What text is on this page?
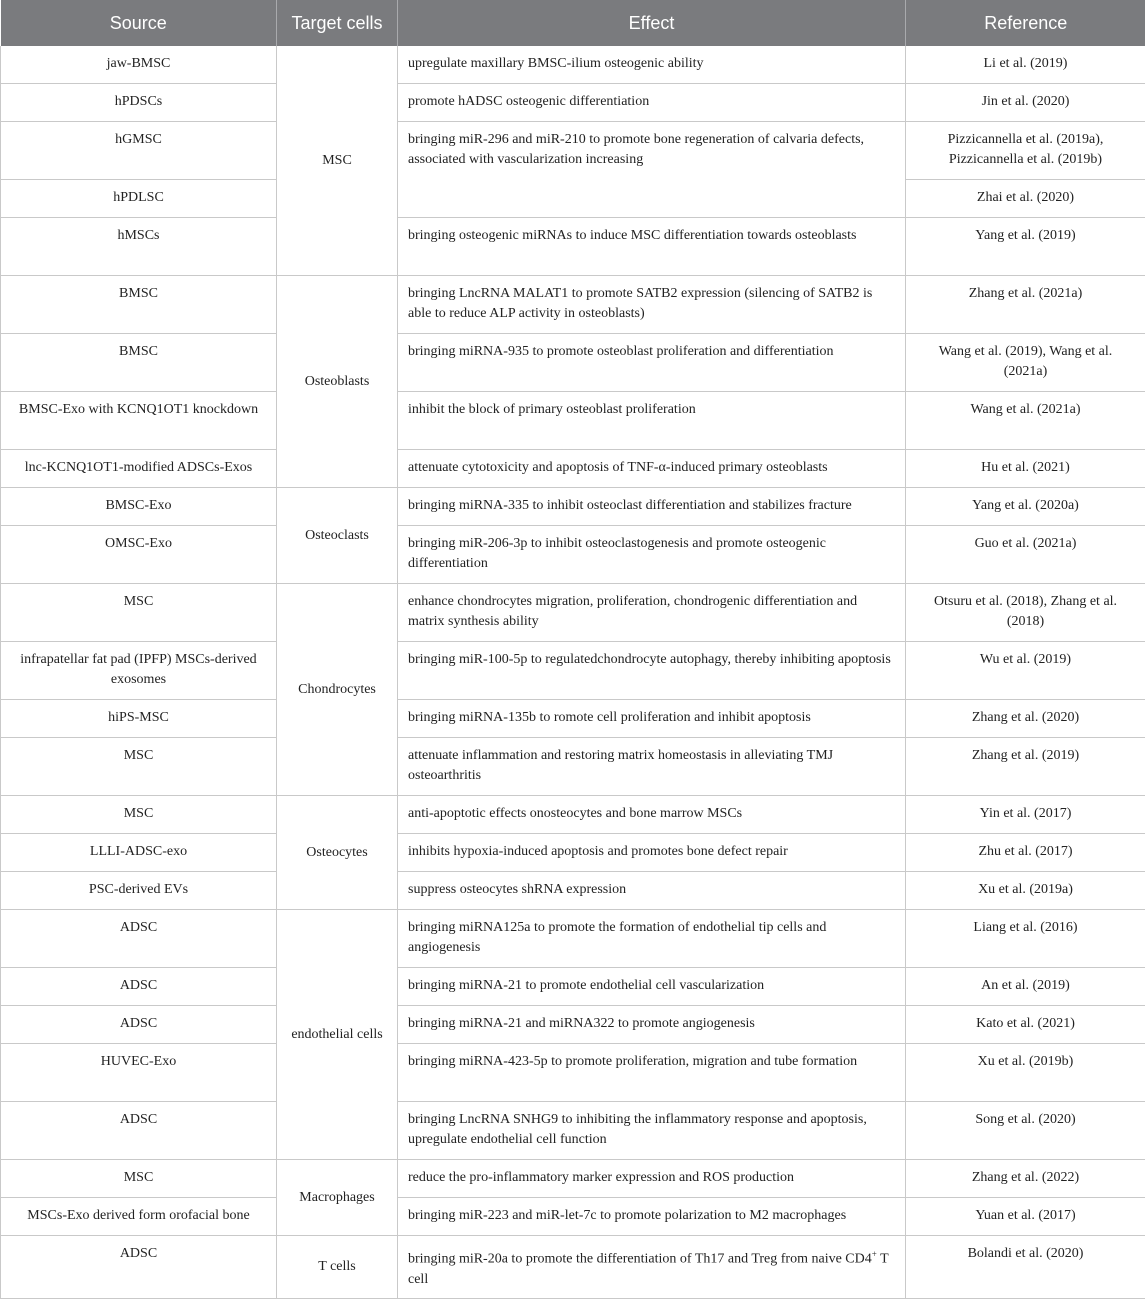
Source	Target cells	Effect	Reference
jaw-BMSC	MSC	upregulate maxillary BMSC-ilium osteogenic ability	Li et al. (2019)
hPDSCs		promote hADSC osteogenic differentiation	Jin et al. (2020)
hGMSC		bringing miR-296 and miR-210 to promote bone regeneration of calvaria defects, associated with vascularization increasing	Pizzicannella et al. (2019a), Pizzicannella et al. (2019b)
hPDLSC			Zhai et al. (2020)
hMSCs		bringing osteogenic miRNAs to induce MSC differentiation towards osteoblasts	Yang et al. (2019)
BMSC	Osteoblasts	bringing LncRNA MALAT1 to promote SATB2 expression (silencing of SATB2 is able to reduce ALP activity in osteoblasts)	Zhang et al. (2021a)
BMSC		bringing miRNA-935 to promote osteoblast proliferation and differentiation	Wang et al. (2019), Wang et al. (2021a)
BMSC-Exo with KCNQ1OT1 knockdown		inhibit the block of primary osteoblast proliferation	Wang et al. (2021a)
lnc-KCNQ1OT1-modified ADSCs-Exos		attenuate cytotoxicity and apoptosis of TNF-α-induced primary osteoblasts	Hu et al. (2021)
BMSC-Exo	Osteoclasts	bringing miRNA-335 to inhibit osteoclast differentiation and stabilizes fracture	Yang et al. (2020a)
OMSC-Exo		bringing miR-206-3p to inhibit osteoclastogenesis and promote osteogenic differentiation	Guo et al. (2021a)
MSC	Chondrocytes	enhance chondrocytes migration, proliferation, chondrogenic differentiation and matrix synthesis ability	Otsuru et al. (2018), Zhang et al. (2018)
infrapatellar fat pad (IPFP) MSCs-derived exosomes		bringing miR-100-5p to regulatedchondrocyte autophagy, thereby inhibiting apoptosis	Wu et al. (2019)
hiPS-MSC		bringing miRNA-135b to romote cell proliferation and inhibit apoptosis	Zhang et al. (2020)
MSC		attenuate inflammation and restoring matrix homeostasis in alleviating TMJ osteoarthritis	Zhang et al. (2019)
MSC	Osteocytes	anti-apoptotic effects onosteocytes and bone marrow MSCs	Yin et al. (2017)
LLLI-ADSC-exo		inhibits hypoxia-induced apoptosis and promotes bone defect repair	Zhu et al. (2017)
PSC-derived EVs		suppress osteocytes shRNA expression	Xu et al. (2019a)
ADSC	endothelial cells	bringing miRNA125a to promote the formation of endothelial tip cells and angiogenesis	Liang et al. (2016)
ADSC		bringing miRNA-21 to promote endothelial cell vascularization	An et al. (2019)
ADSC		bringing miRNA-21 and miRNA322 to promote angiogenesis	Kato et al. (2021)
HUVEC-Exo		bringing miRNA-423-5p to promote proliferation, migration and tube formation	Xu et al. (2019b)
ADSC		bringing LncRNA SNHG9 to inhibiting the inflammatory response and apoptosis, upregulate endothelial cell function	Song et al. (2020)
MSC	Macrophages	reduce the pro-inflammatory marker expression and ROS production	Zhang et al. (2022)
MSCs-Exo derived form orofacial bone		bringing miR-223 and miR-let-7c to promote polarization to M2 macrophages	Yuan et al. (2017)
ADSC	T cells	bringing miR-20a to promote the differentiation of Th17 and Treg from naive CD4+ T cell	Bolandi et al. (2020)
